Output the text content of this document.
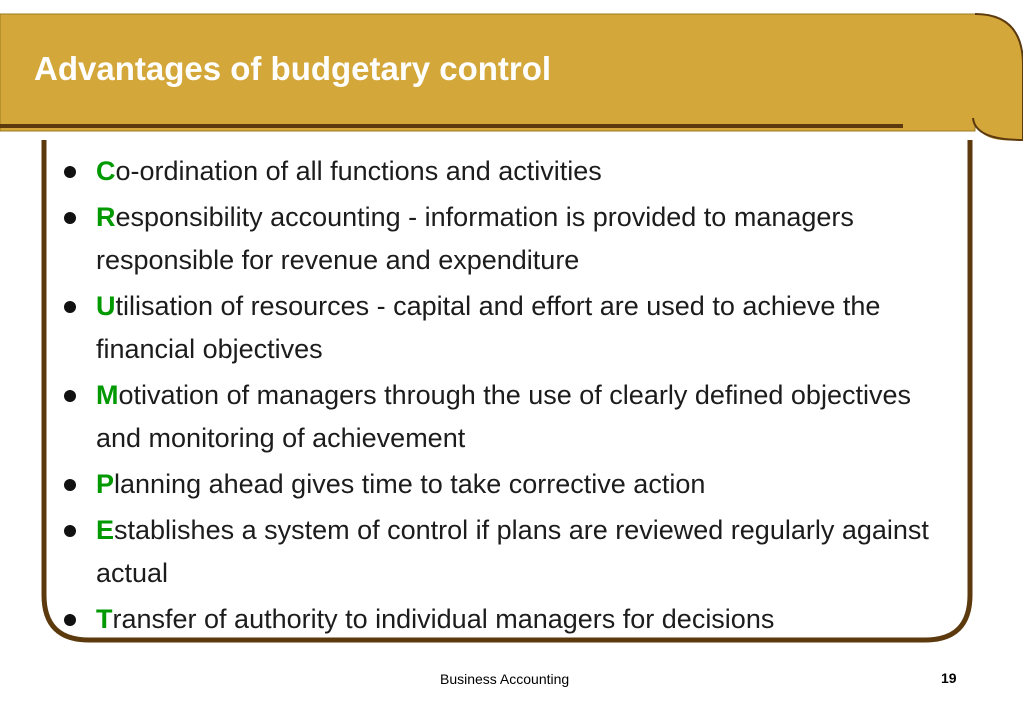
Advantages of budgetary control
Co-ordination of all functions and activities
Responsibility accounting - information is provided to managers responsible for revenue and expenditure
Utilisation of resources - capital and effort are used to achieve the financial objectives
Motivation of managers through the use of clearly defined objectives and monitoring of achievement
Planning ahead gives time to take corrective action
Establishes a system of control if plans are reviewed regularly against actual
Transfer of authority to individual managers for decisions
Business Accounting	19
